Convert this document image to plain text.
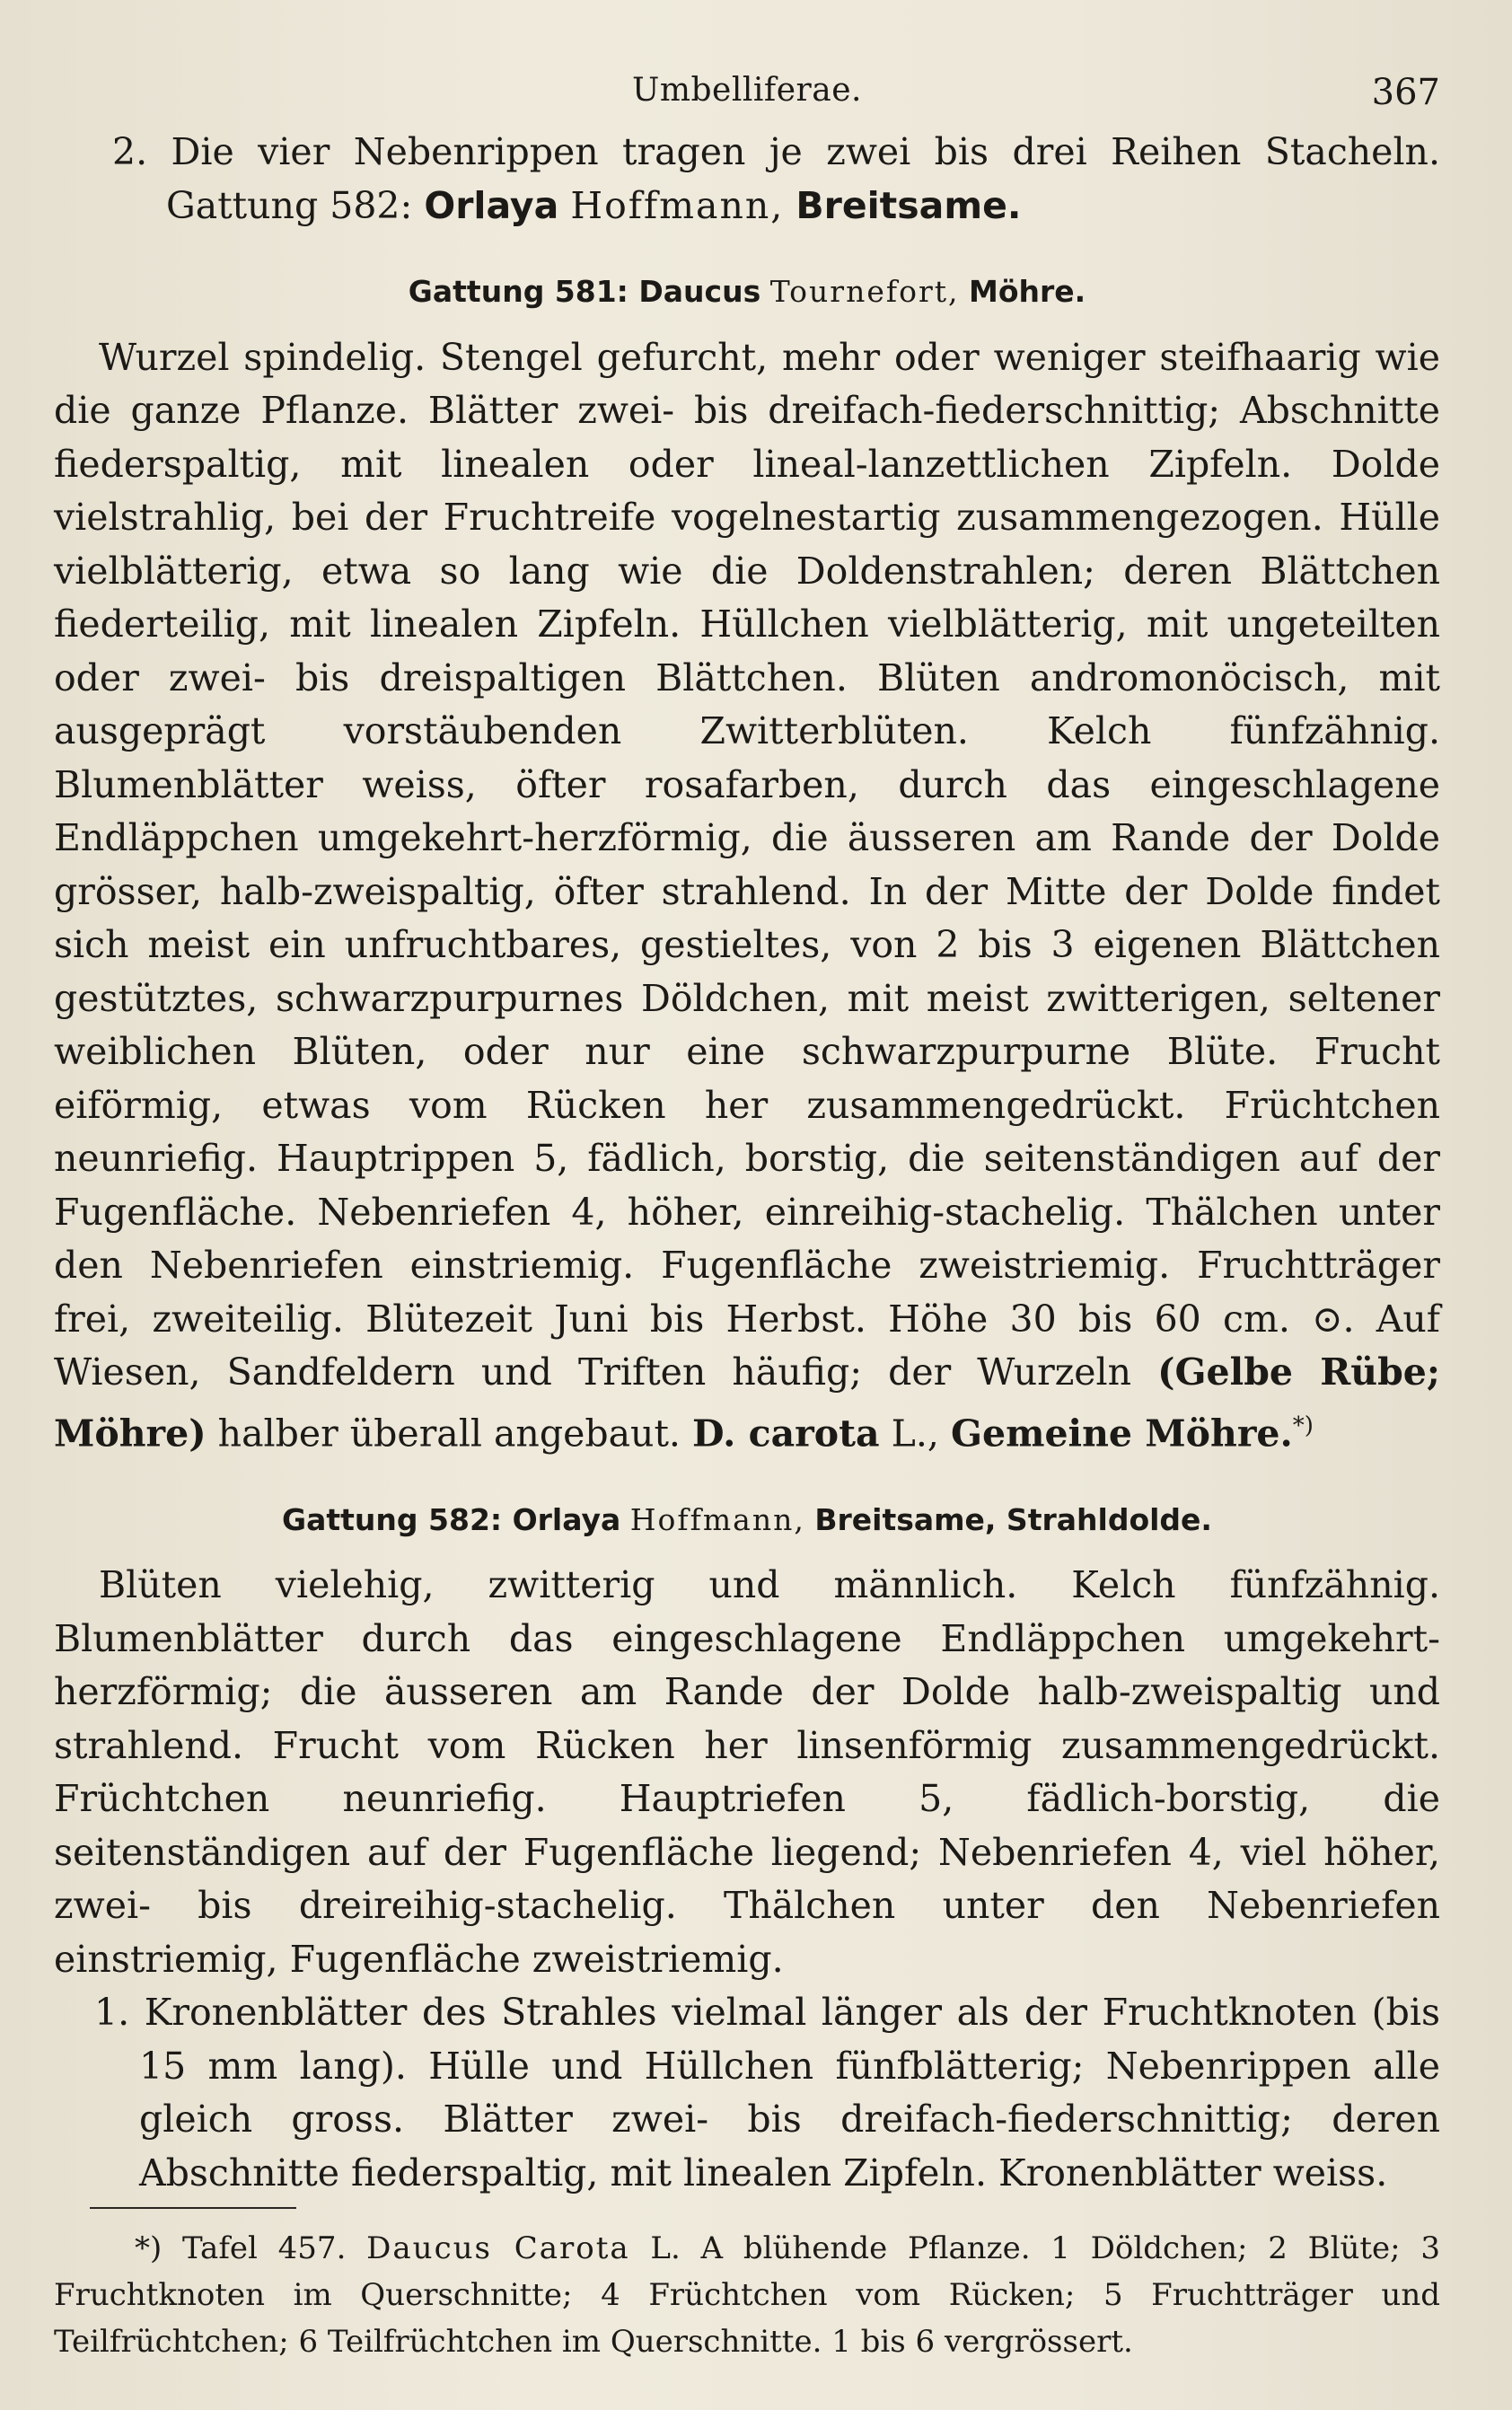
Umbelliferae.	367

2. Die vier Nebenrippen tragen je zwei bis drei Reihen Stacheln. Gattung 582: Orlaya Hoffmann, Breitsame.

Gattung 581: Daucus Tournefort, Möhre.

Wurzel spindelig. Stengel gefurcht, mehr oder weniger steifhaarig wie die ganze Pflanze. Blätter zwei- bis dreifach-fiederschnittig; Abschnitte fiederspaltig, mit linealen oder lineal-lanzettlichen Zipfeln. Dolde vielstrahlig, bei der Fruchtreife vogelnestartig zusammengezogen. Hülle vielblätterig, etwa so lang wie die Doldenstrahlen; deren Blättchen fiederteilig, mit linealen Zipfeln. Hüllchen vielblätterig, mit ungeteilten oder zwei- bis dreispaltigen Blättchen. Blüten andromonöcisch, mit ausgeprägt vorstäubenden Zwitterblüten. Kelch fünfzähnig. Blumenblätter weiss, öfter rosafarben, durch das eingeschlagene Endläppchen umgekehrt-herzförmig, die äusseren am Rande der Dolde grösser, halb-zweispaltig, öfter strahlend. In der Mitte der Dolde findet sich meist ein unfruchtbares, gestieltes, von 2 bis 3 eigenen Blättchen gestütztes, schwarzpurpurnes Döldchen, mit meist zwitterigen, seltener weiblichen Blüten, oder nur eine schwarzpurpurne Blüte. Frucht eiförmig, etwas vom Rücken her zusammengedrückt. Früchtchen neunriefig. Hauptrippen 5, fädlich, borstig, die seitenständigen auf der Fugenfläche. Nebenriefen 4, höher, einreihig-stachelig. Thälchen unter den Nebenriefen einstriemig. Fugenfläche zweistriemig. Fruchtträger frei, zweiteilig. Blütezeit Juni bis Herbst. Höhe 30 bis 60 cm. ⊙. Auf Wiesen, Sandfeldern und Triften häufig; der Wurzeln (Gelbe Rübe; Möhre) halber überall angebaut. D. carota L., Gemeine Möhre.*)

Gattung 582: Orlaya Hoffmann, Breitsame, Strahldolde.

Blüten vielehig, zwitterig und männlich. Kelch fünfzähnig. Blumenblätter durch das eingeschlagene Endläppchen umgekehrt-herzförmig; die äusseren am Rande der Dolde halb-zweispaltig und strahlend. Frucht vom Rücken her linsenförmig zusammengedrückt. Früchtchen neunriefig. Hauptriefen 5, fädlich-borstig, die seitenständigen auf der Fugenfläche liegend; Nebenriefen 4, viel höher, zwei- bis dreireihig-stachelig. Thälchen unter den Nebenriefen einstriemig, Fugenfläche zweistriemig.

1. Kronenblätter des Strahles vielmal länger als der Fruchtknoten (bis 15 mm lang). Hülle und Hüllchen fünfblätterig; Nebenrippen alle gleich gross. Blätter zwei- bis dreifach-fiederschnittig; deren Abschnitte fiederspaltig, mit linealen Zipfeln. Kronenblätter weiss.

*) Tafel 457. Daucus Carota L. A blühende Pflanze. 1 Döldchen; 2 Blüte; 3 Fruchtknoten im Querschnitte; 4 Früchtchen vom Rücken; 5 Fruchtträger und Teilfrüchtchen; 6 Teilfrüchtchen im Querschnitte. 1 bis 6 vergrössert.
